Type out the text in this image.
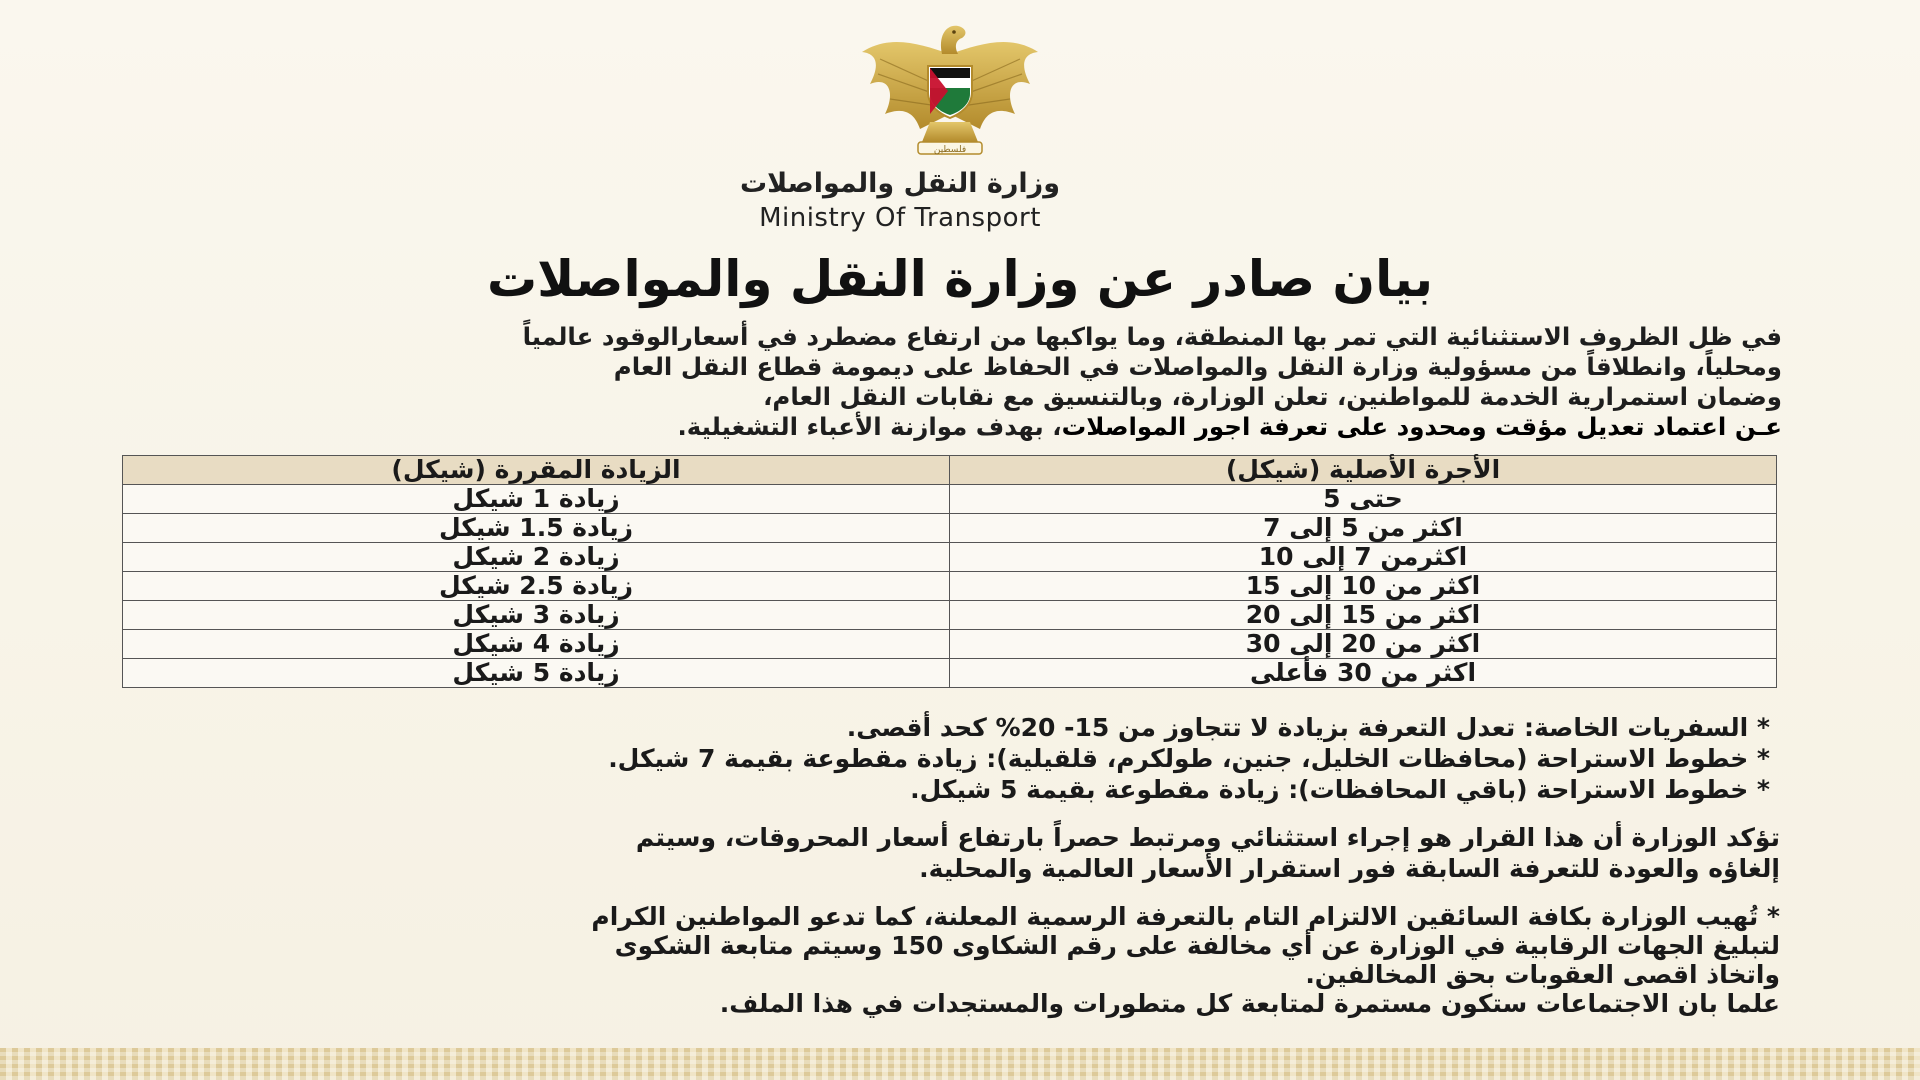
فلسطين
وزارة النقل والمواصلات
Ministry Of Transport
بيان صادر عن وزارة النقل والمواصلات
في ظل الظروف الاستثنائية التي تمر بها المنطقة، وما يواكبها من ارتفاع مضطرد في أسعارالوقود عالمياً
ومحلياً، وانطلاقاً من مسؤولية وزارة النقل والمواصلات في الحفاظ على ديمومة قطاع النقل العام
وضمان استمرارية الخدمة للمواطنين، تعلن الوزارة، وبالتنسيق مع نقابات النقل العام،
عـن اعتماد تعديل مؤقت ومحدود على تعرفة اجور المواصلات، بهدف موازنة الأعباء التشغيلية.
الأجرة الأصلية (شيكل)	الزيادة المقررة (شيكل)
حتى 5	زيادة 1 شيكل
اكثر من 5 إلى 7	زيادة 1.5 شيكل
اكثرمن 7 إلى 10	زيادة 2 شيكل
اكثر من 10 إلى 15	زيادة 2.5 شيكل
اكثر من 15 إلى 20	زيادة 3 شيكل
اكثر من 20 إلى 30	زيادة 4 شيكل
اكثر من 30 فأعلى	زيادة 5 شيكل
* السفريات الخاصة: تعدل التعرفة بزيادة لا تتجاوز من 15- 20% كحد أقصى.
* خطوط الاستراحة (محافظات الخليل، جنين، طولكرم، قلقيلية): زيادة مقطوعة بقيمة 7 شيكل.
* خطوط الاستراحة (باقي المحافظات): زيادة مقطوعة بقيمة 5 شيكل.
تؤكد الوزارة أن هذا القرار هو إجراء استثنائي ومرتبط حصراً بارتفاع أسعار المحروقات، وسيتم
إلغاؤه والعودة للتعرفة السابقة فور استقرار الأسعار العالمية والمحلية.
* تُهيب الوزارة بكافة السائقين الالتزام التام بالتعرفة الرسمية المعلنة، كما تدعو المواطنين الكرام
لتبليغ الجهات الرقابية في الوزارة عن أي مخالفة على رقم الشكاوى 150 وسيتم متابعة الشكوى
واتخاذ اقصى العقوبات بحق المخالفين.
علما بان الاجتماعات ستكون مستمرة لمتابعة كل متطورات والمستجدات في هذا الملف.
